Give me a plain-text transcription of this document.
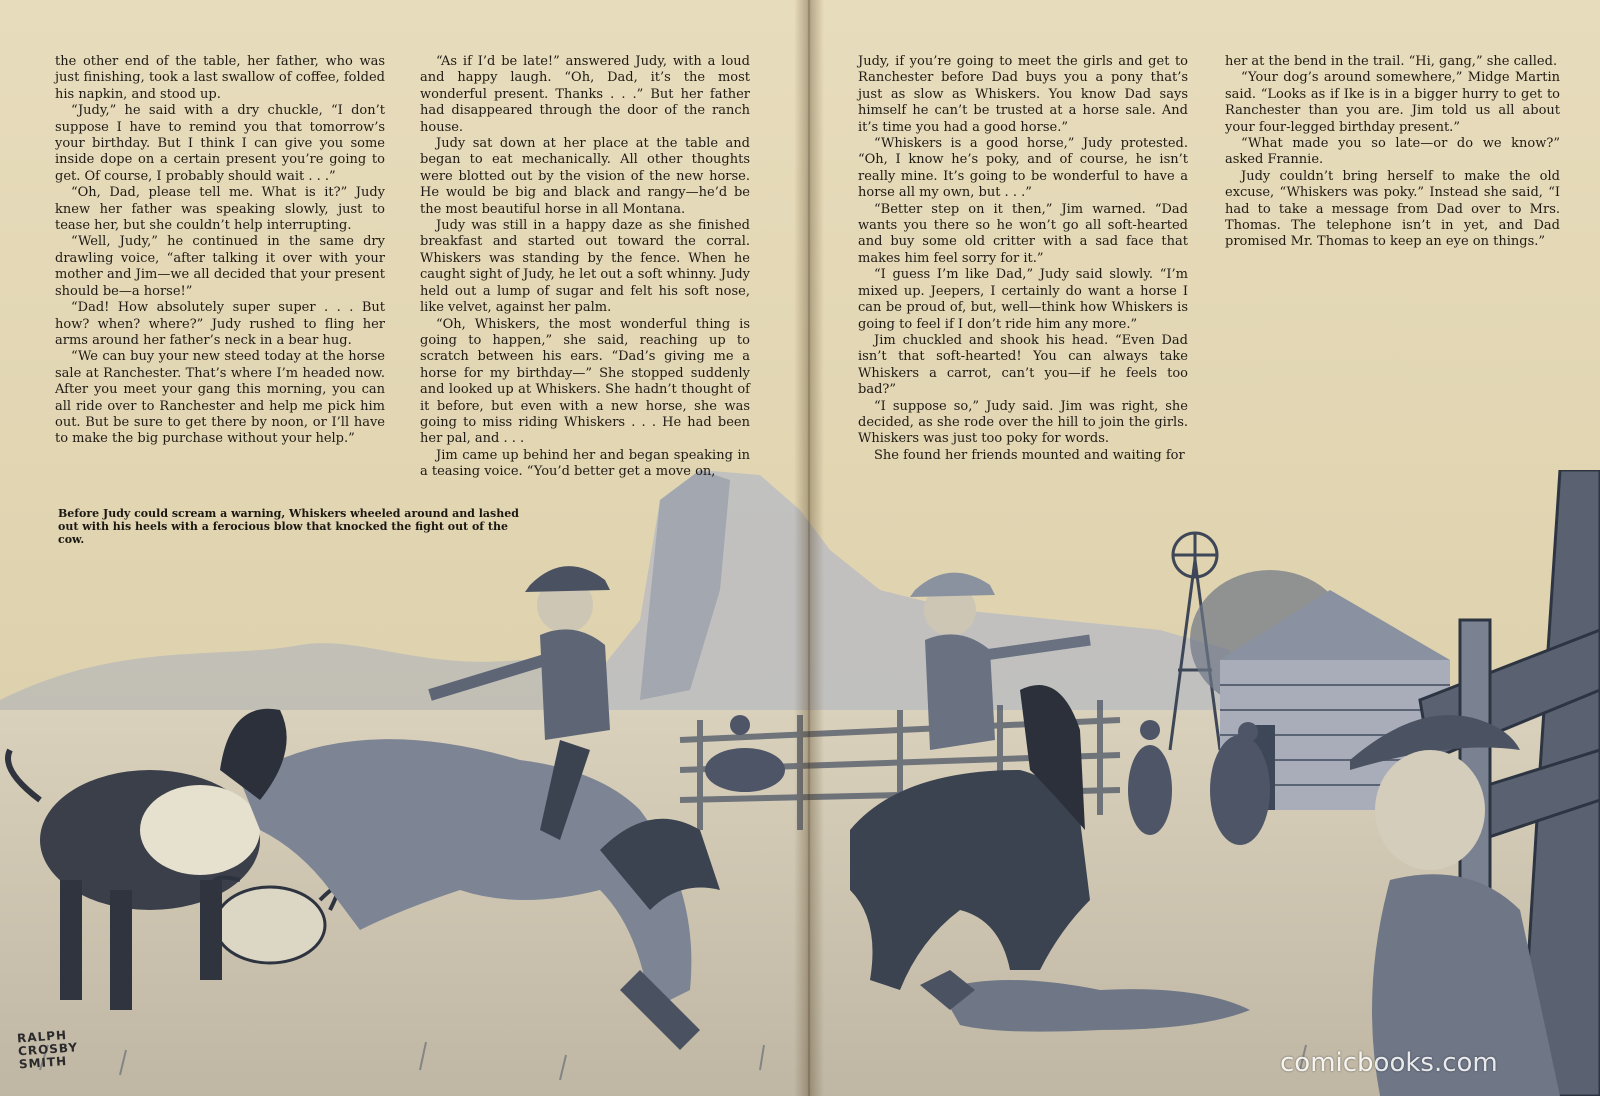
the other end of the table, her father, who was just finishing, took a last swallow of coffee, folded his napkin, and stood up.

“Judy,” he said with a dry chuckle, “I don’t suppose I have to remind you that tomorrow’s your birthday. But I think I can give you some inside dope on a certain present you’re going to get. Of course, I probably should wait . . .”

“Oh, Dad, please tell me. What is it?” Judy knew her father was speaking slowly, just to tease her, but she couldn’t help interrupting.

“Well, Judy,” he continued in the same dry drawling voice, “after talking it over with your mother and Jim—we all decided that your present should be—a horse!”

“Dad! How absolutely super super . . . But how? when? where?” Judy rushed to fling her arms around her father’s neck in a bear hug.

“We can buy your new steed today at the horse sale at Ranchester. That’s where I’m headed now. After you meet your gang this morning, you can all ride over to Ranchester and help me pick him out. But be sure to get there by noon, or I’ll have to make the big purchase without your help.”

“As if I’d be late!” answered Judy, with a loud and happy laugh. “Oh, Dad, it’s the most wonderful present. Thanks . . .” But her father had disappeared through the door of the ranch house.

Judy sat down at her place at the table and began to eat mechanically. All other thoughts were blotted out by the vision of the new horse. He would be big and black and rangy—he’d be the most beautiful horse in all Montana.

Judy was still in a happy daze as she finished breakfast and started out toward the corral. Whiskers was standing by the fence. When he caught sight of Judy, he let out a soft whinny. Judy held out a lump of sugar and felt his soft nose, like velvet, against her palm.

“Oh, Whiskers, the most wonderful thing is going to happen,” she said, reaching up to scratch between his ears. “Dad’s giving me a horse for my birthday—” She stopped suddenly and looked up at Whiskers. She hadn’t thought of it before, but even with a new horse, she was going to miss riding Whiskers . . . He had been her pal, and . . .

Jim came up behind her and began speaking in a teasing voice. “You’d better get a move on,

Judy, if you’re going to meet the girls and get to Ranchester before Dad buys you a pony that’s just as slow as Whiskers. You know Dad says himself he can’t be trusted at a horse sale. And it’s time you had a good horse.”

“Whiskers is a good horse,” Judy protested. “Oh, I know he’s poky, and of course, he isn’t really mine. It’s going to be wonderful to have a horse all my own, but . . .”

“Better step on it then,” Jim warned. “Dad wants you there so he won’t go all soft-hearted and buy some old critter with a sad face that makes him feel sorry for it.”

“I guess I’m like Dad,” Judy said slowly. “I’m mixed up. Jeepers, I certainly do want a horse I can be proud of, but, well—think how Whiskers is going to feel if I don’t ride him any more.”

Jim chuckled and shook his head. “Even Dad isn’t that soft-hearted! You can always take Whiskers a carrot, can’t you—if he feels too bad?”

“I suppose so,” Judy said. Jim was right, she decided, as she rode over the hill to join the girls. Whiskers was just too poky for words.

She found her friends mounted and waiting for

her at the bend in the trail. “Hi, gang,” she called.

“Your dog’s around somewhere,” Midge Martin said. “Looks as if Ike is in a bigger hurry to get to Ranchester than you are. Jim told us all about your four-legged birthday present.”

“What made you so late—or do we know?” asked Frannie.

Judy couldn’t bring herself to make the old excuse, “Whiskers was poky.” Instead she said, “I had to take a message from Dad over to Mrs. Thomas. The telephone isn’t in yet, and Dad promised Mr. Thomas to keep an eye on things.”

Before Judy could scream a warning, Whiskers wheeled around and lashed out with his heels with a ferocious blow that knocked the fight out of the cow.
RALPH CROSBY SMITH	comicbooks.com
